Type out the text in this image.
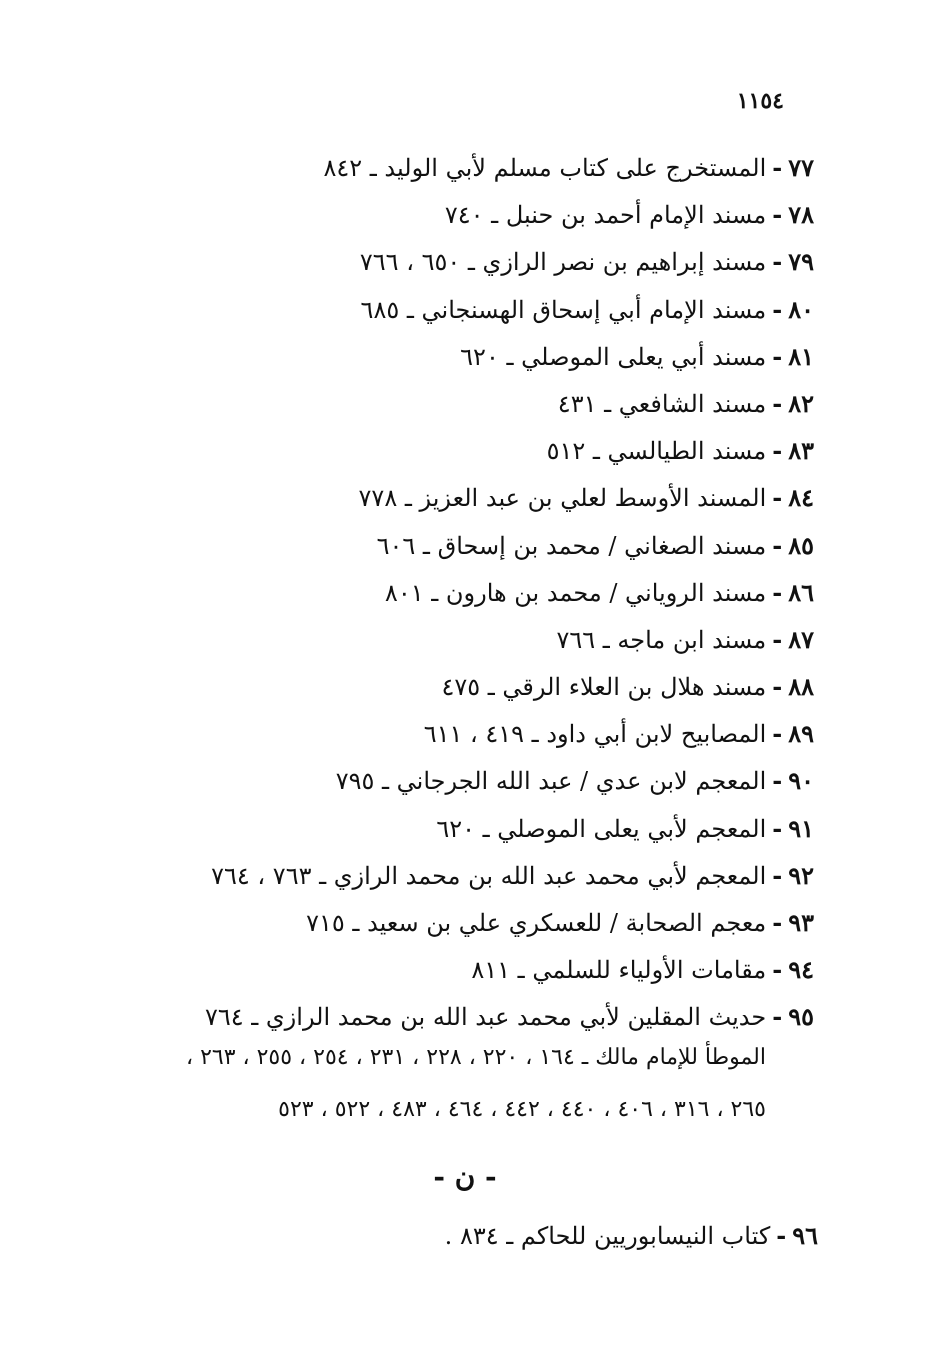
١١٥٤
٧٧-المستخرج على كتاب مسلم لأبي الوليد ـ ٨٤٢
٧٨-مسند الإمام أحمد بن حنبل ـ ٧٤٠
٧٩-مسند إبراهيم بن نصر الرازي ـ ٦٥٠ ، ٧٦٦
٨٠-مسند الإمام أبي إسحاق الهسنجاني ـ ٦٨٥
٨١-مسند أبي يعلى الموصلي ـ ٦٢٠
٨٢-مسند الشافعي ـ ٤٣١
٨٣-مسند الطيالسي ـ ٥١٢
٨٤-المسند الأوسط لعلي بن عبد العزيز ـ ٧٧٨
٨٥-مسند الصغاني / محمد بن إسحاق ـ ٦٠٦
٨٦-مسند الروياني / محمد بن هارون ـ ٨٠١
٨٧-مسند ابن ماجه ـ ٧٦٦
٨٨-مسند هلال بن العلاء الرقي ـ ٤٧٥
٨٩-المصابيح لابن أبي داود ـ ٤١٩ ، ٦١١
٩٠-المعجم لابن عدي / عبد الله الجرجاني ـ ٧٩٥
٩١-المعجم لأبي يعلى الموصلي ـ ٦٢٠
٩٢-المعجم لأبي محمد عبد الله بن محمد الرازي ـ ٧٦٣ ، ٧٦٤
٩٣-معجم الصحابة / للعسكري علي بن سعيد ـ ٧١٥
٩٤-مقامات الأولياء للسلمي ـ ٨١١
٩٥-حديث المقلين لأبي محمد عبد الله بن محمد الرازي ـ ٧٦٤
الموطأ للإمام مالك ـ ١٦٤ ، ٢٢٠ ، ٢٢٨ ، ٢٣١ ، ٢٥٤ ، ٢٥٥ ، ٢٦٣ ،
٢٦٥ ، ٣١٦ ، ٤٠٦ ، ٤٤٠ ، ٤٤٢ ، ٤٦٤ ، ٤٨٣ ، ٥٢٢ ، ٥٢٣
- ن -
٩٦-كتاب النيسابوريين للحاكم ـ ٨٣٤ .
